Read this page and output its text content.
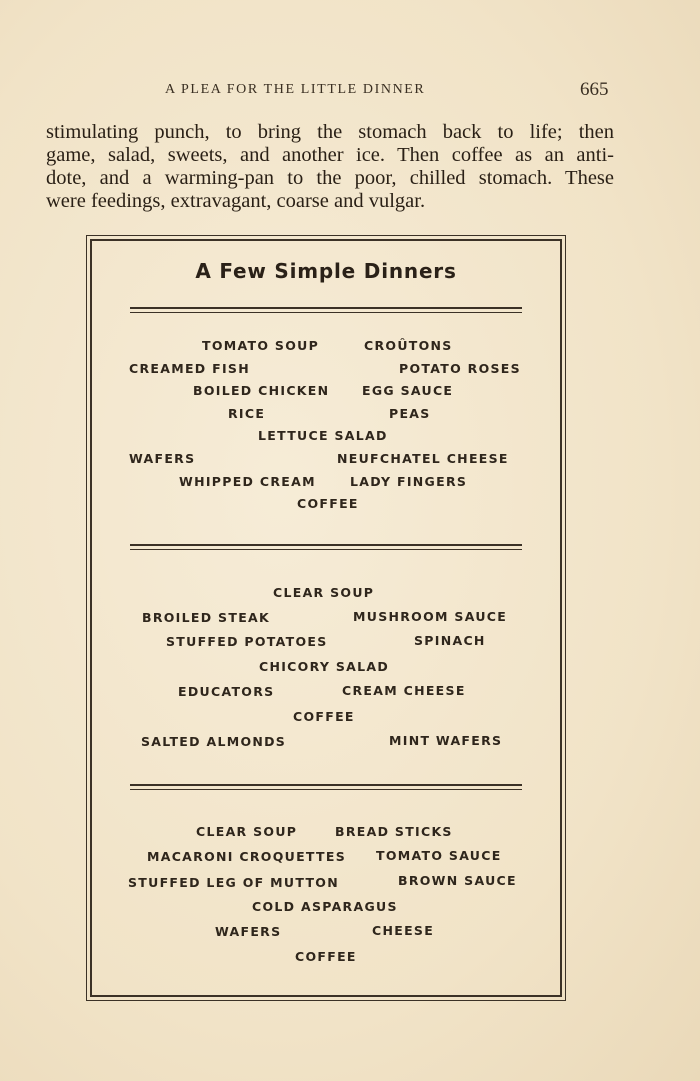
A PLEA FOR THE LITTLE DINNER	665
stimulating punch, to bring the stomach back to life; then
game, salad, sweets, and another ice. Then coffee as an anti-
dote, and a warming-pan to the poor, chilled stomach. These
were feedings, extravagant, coarse and vulgar.
A Few Simple Dinners
TOMATO SOUP	CROÛTONS
CREAMED FISH	POTATO ROSES
BOILED CHICKEN	EGG SAUCE
RICE	PEAS
LETTUCE SALAD
WAFERS	NEUFCHATEL CHEESE
WHIPPED CREAM	LADY FINGERS
COFFEE
CLEAR SOUP
BROILED STEAK	MUSHROOM SAUCE
STUFFED POTATOES	SPINACH
CHICORY SALAD
EDUCATORS	CREAM CHEESE
COFFEE
SALTED ALMONDS	MINT WAFERS
CLEAR SOUP	BREAD STICKS
MACARONI CROQUETTES TOMATO SAUCE
STUFFED LEG OF MUTTON	BROWN SAUCE
COLD ASPARAGUS
WAFERS	CHEESE
COFFEE
